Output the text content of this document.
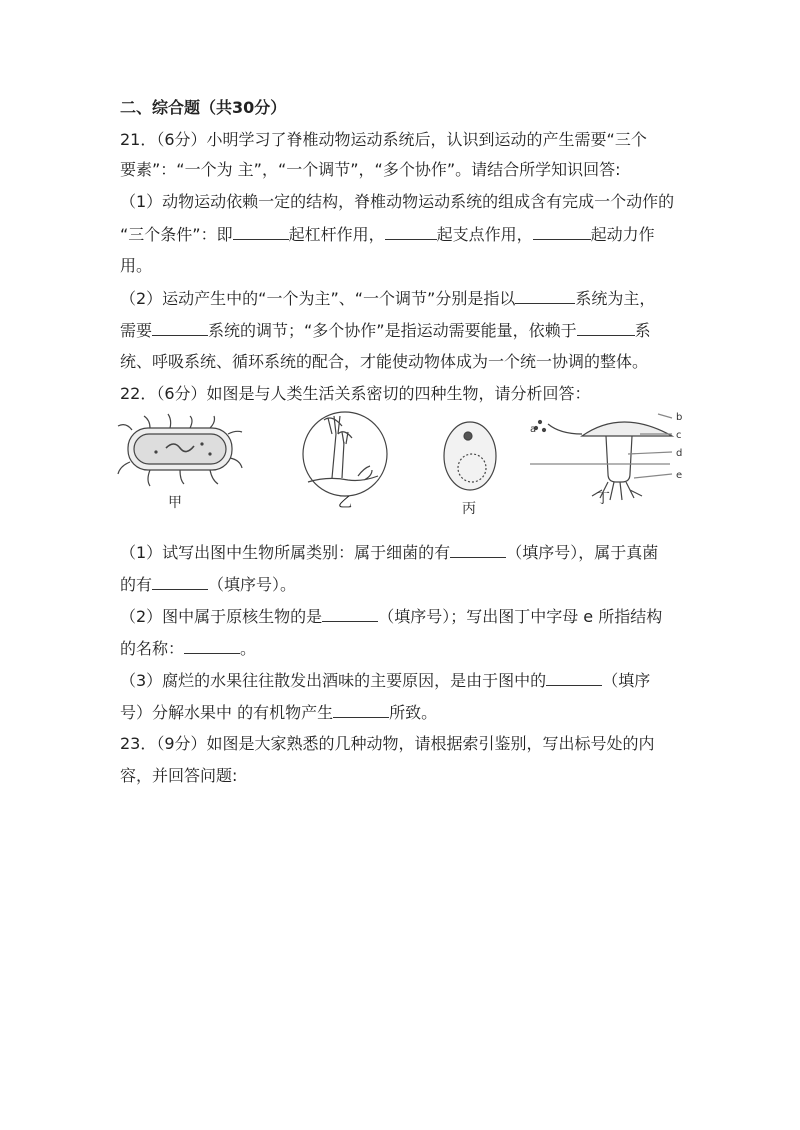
二、综合题（共30分）
21．（6分）小明学习了脊椎动物运动系统后，认识到运动的产生需要“三个
要素”：“一个为 主”，“一个调节”，“多个协作”。请结合所学知识回答:
（1）动物运动依赖一定的结构，脊椎动物运动系统的组成含有完成一个动作的
“三个条件”：即	起杠杆作用，	起支点作用，	起动力作
用。
（2）运动产生中的“一个为主”、“一个调节”分别是指以	系统为主，
需要	系统的调节；“多个协作”是指运动需要能量，依赖于	系
统、呼吸系统、循环系统的配合，才能使动物体成为一个统一协调的整体。
22．（6分）如图是与人类生活关系密切的四种生物，请分析回答：
a
b
c
d
e
甲	乙	丙
丁
（1）试写出图中生物所属类别：属于细菌的有	（填序号），属于真菌
的有	（填序号）。
（2）图中属于原核生物的是	（填序号）；写出图丁中字母 e 所指结构
的名称：	。
（3）腐烂的水果往往散发出酒味的主要原因，是由于图中的	（填序
号）分解水果中 的有机物产生	所致。
23．（9分）如图是大家熟悉的几种动物，请根据索引鉴别，写出标号处的内
容，并回答问题:
